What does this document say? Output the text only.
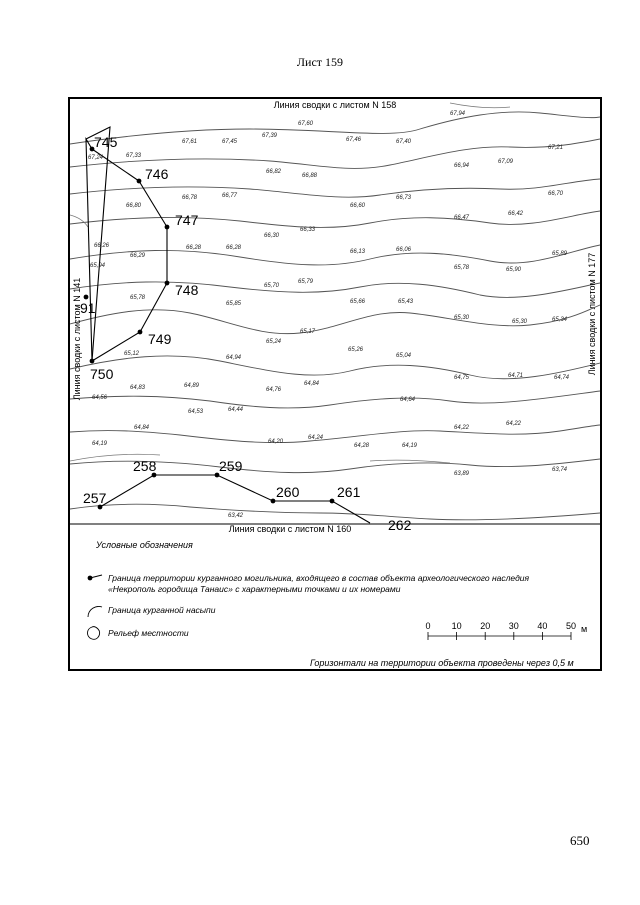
Лист 159
745
746
747
748
749
750
91
257
258	259
260	261
262
67,94
67,60
67,61	67,45
67,39
67,46	67,40
67,21
67,24	67,33
67,09
66,94
66,88
66,82
66,78	66,77
66,80
66,73
66,70
66,60
66,42
66,47
66,33
66,30
66,28	66,28
66,26
66,29
66,06
66,13
65,94
65,89
65,90
65,78
65,79
65,70
65,85
65,78
65,66	65,43
65,34
65,30
65,30
65,17
65,24
65,26
65,12	65,04
64,94
64,83	64,89
64,76
64,84
64,74
64,71
64,75
64,64
64,56
64,53	64,44
64,84	64,22
64,22
64,19	64,20
64,24
64,28	64,19
63,89
63,74
63,42
Линия сводки с листом N 158
Линия сводки с листом N 160
Линия сводки с листом N 141	Линия сводки с листом N 177
0 10 20 30 40 50
Условные обозначения
Граница территории курганного могильника, входящего в состав объекта археологического наследия «Некрополь городища Танаис» с характерными точками и их номерами
Граница курганной насыпи
Рельеф местности	м
Горизонтали на территории объекта проведены через 0,5 м
650
